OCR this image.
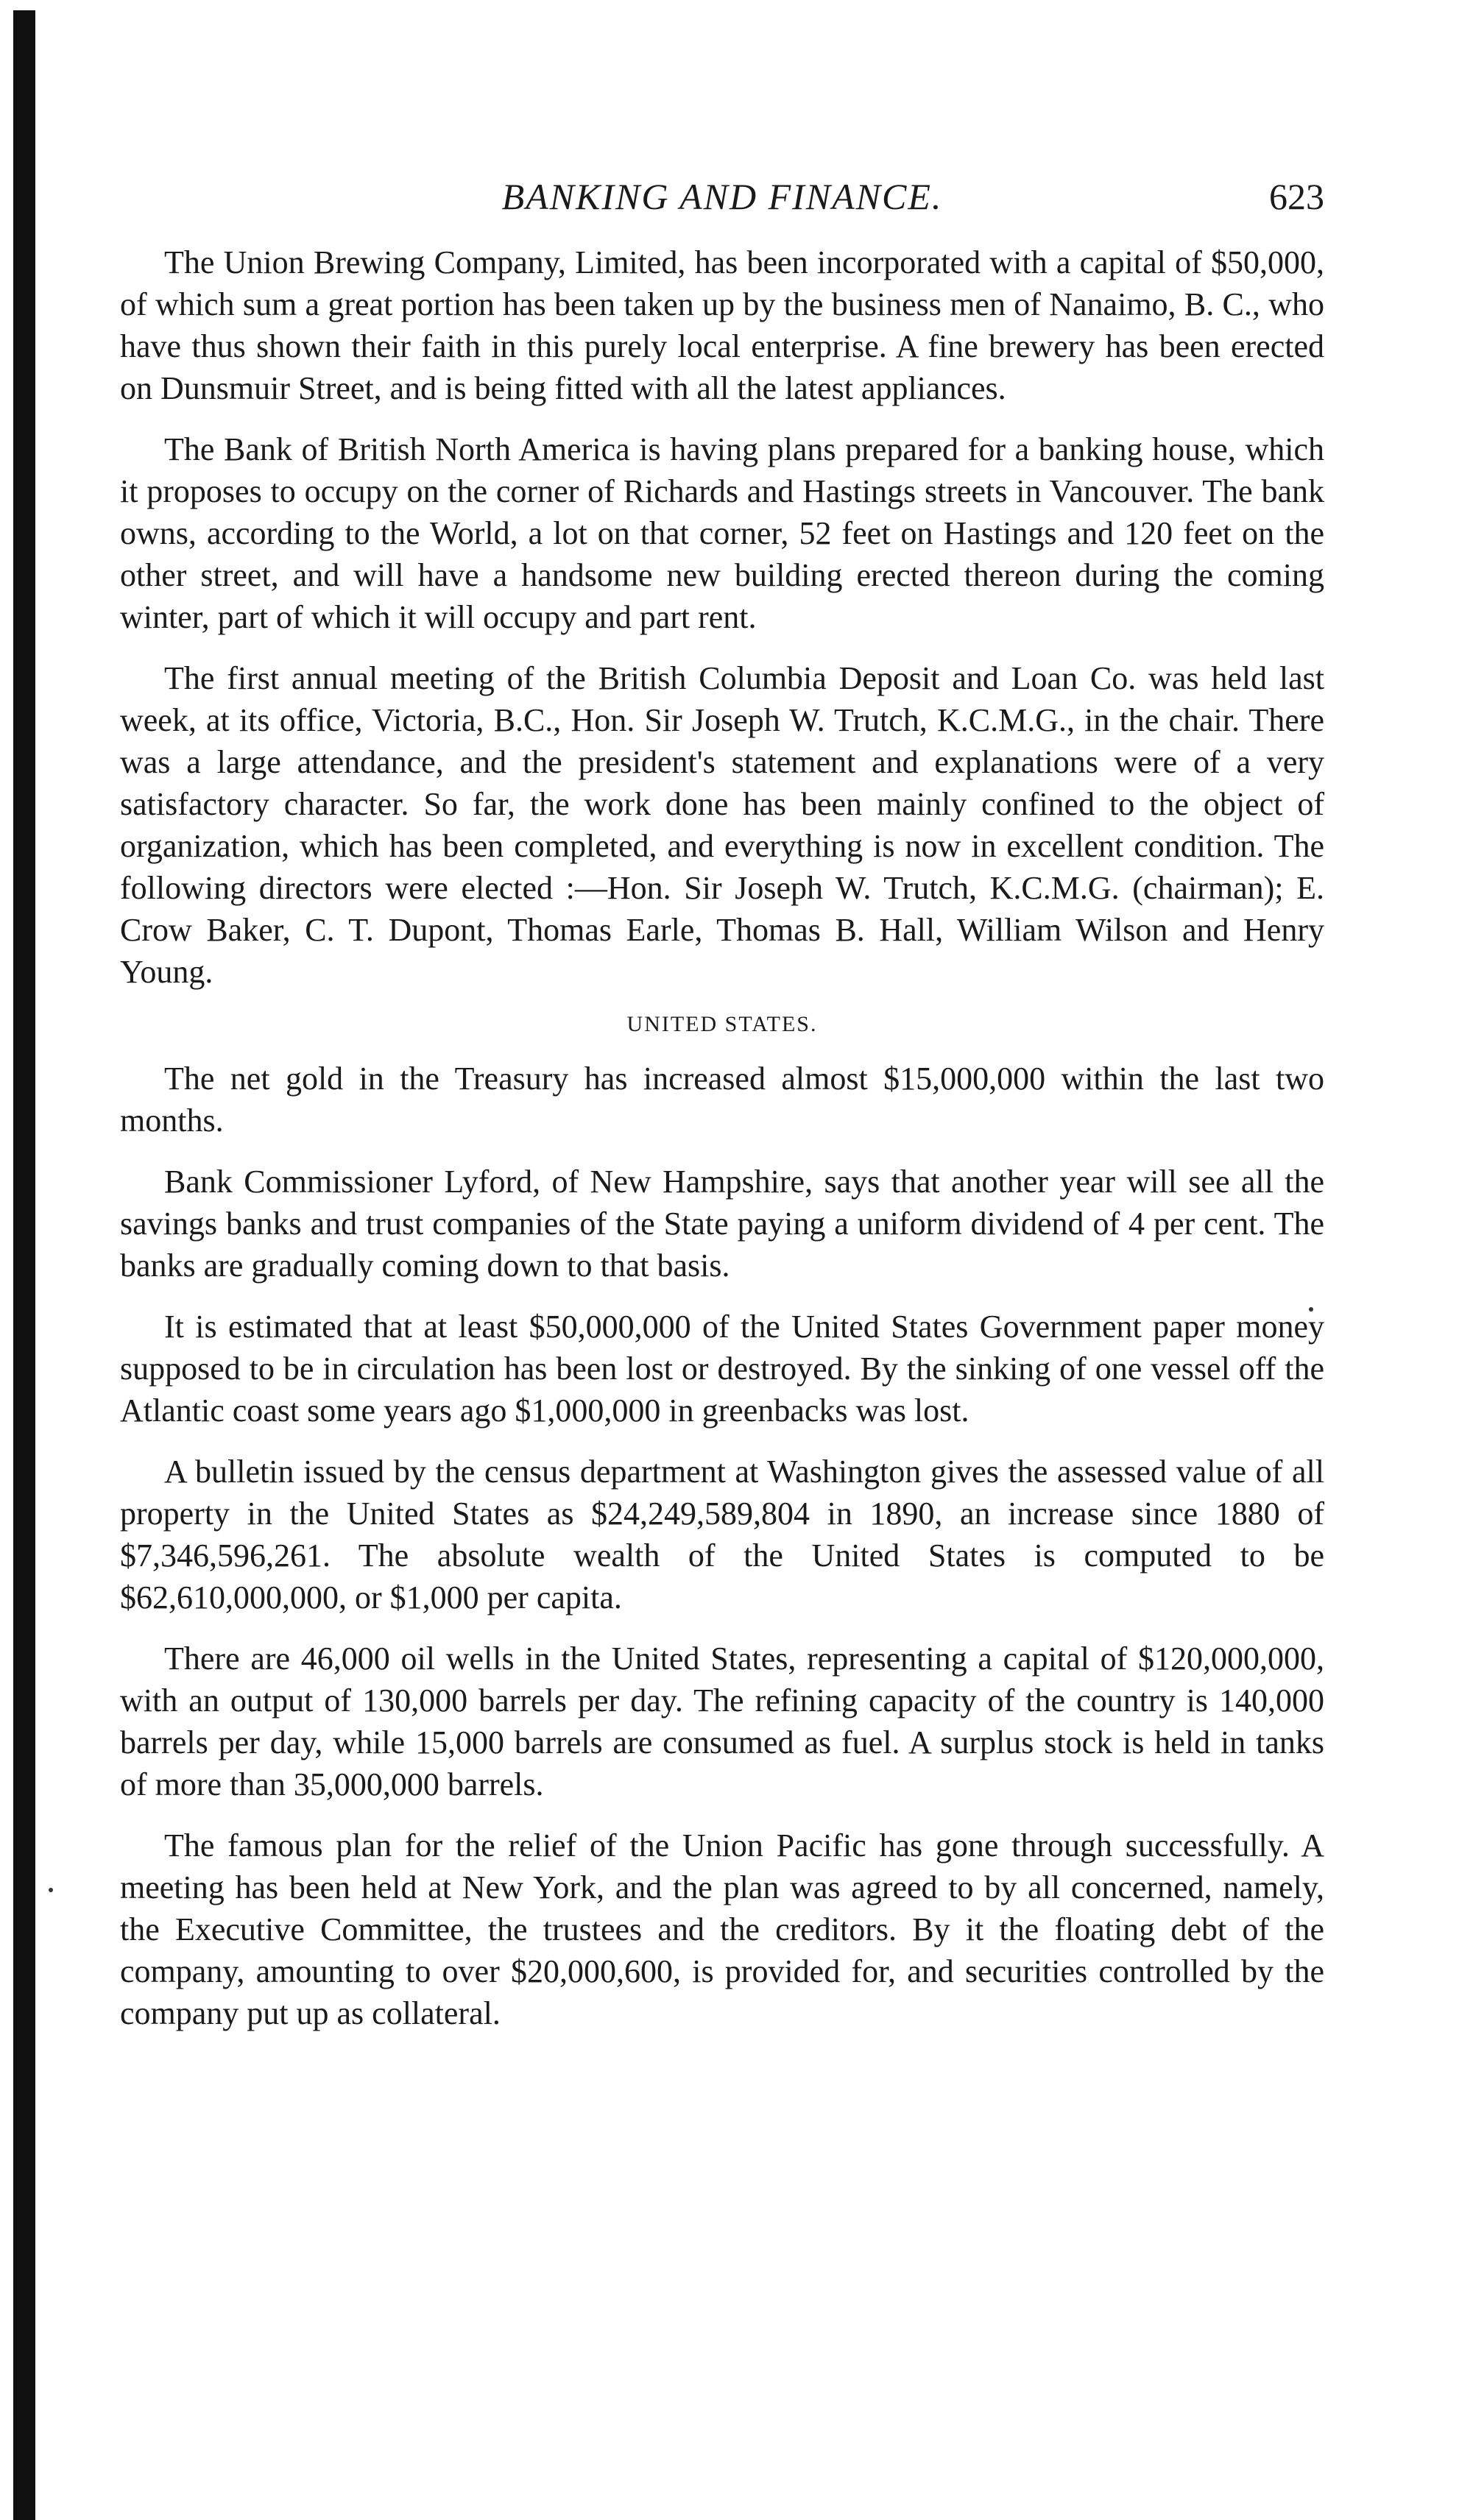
BANKING AND FINANCE.	623

The Union Brewing Company, Limited, has been incorporated with a capital of $50,000, of which sum a great portion has been taken up by the business men of Nanaimo, B. C., who have thus shown their faith in this purely local enterprise. A fine brewery has been erected on Dunsmuir Street, and is being fitted with all the latest appliances.

The Bank of British North America is having plans prepared for a banking house, which it proposes to occupy on the corner of Richards and Hastings streets in Vancouver. The bank owns, according to the World, a lot on that corner, 52 feet on Hastings and 120 feet on the other street, and will have a handsome new building erected thereon during the coming winter, part of which it will occupy and part rent.

The first annual meeting of the British Columbia Deposit and Loan Co. was held last week, at its office, Victoria, B.C., Hon. Sir Joseph W. Trutch, K.C.M.G., in the chair. There was a large attendance, and the president's statement and explanations were of a very satisfactory character. So far, the work done has been mainly confined to the object of organization, which has been completed, and everything is now in excellent condition. The following directors were elected :—Hon. Sir Joseph W. Trutch, K.C.M.G. (chairman); E. Crow Baker, C. T. Dupont, Thomas Earle, Thomas B. Hall, William Wilson and Henry Young.

UNITED STATES.

The net gold in the Treasury has increased almost $15,000,000 within the last two months.

Bank Commissioner Lyford, of New Hampshire, says that another year will see all the savings banks and trust companies of the State paying a uniform dividend of 4 per cent. The banks are gradually coming down to that basis.

It is estimated that at least $50,000,000 of the United States Government paper money supposed to be in circulation has been lost or destroyed. By the sinking of one vessel off the Atlantic coast some years ago $1,000,000 in greenbacks was lost.

A bulletin issued by the census department at Washington gives the assessed value of all property in the United States as $24,249,589,804 in 1890, an increase since 1880 of $7,346,596,261. The absolute wealth of the United States is computed to be $62,610,000,000, or $1,000 per capita.

There are 46,000 oil wells in the United States, representing a capital of $120,000,000, with an output of 130,000 barrels per day. The refining capacity of the country is 140,000 barrels per day, while 15,000 barrels are consumed as fuel. A surplus stock is held in tanks of more than 35,000,000 barrels.

The famous plan for the relief of the Union Pacific has gone through successfully. A meeting has been held at New York, and the plan was agreed to by all concerned, namely, the Executive Committee, the trustees and the creditors. By it the floating debt of the company, amounting to over $20,000,600, is provided for, and securities controlled by the company put up as collateral.
